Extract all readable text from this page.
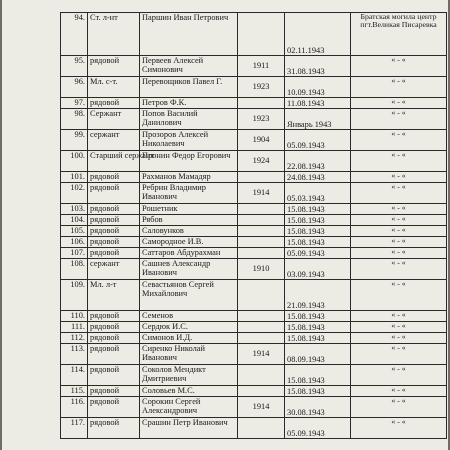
94.	Ст. л-нт	Паршин Иван Петрович		02.11.1943	Братская могила центр пгт.Великая Писаревка
95.	рядовой	Первеев Алексей Симонович	1911	31.08.1943	« - «
96.	Мл. с-т.	Перевощиков Павел Г.	1923	10.09.1943	« - «
97.	рядовой	Петров Ф.К.		11.08.1943	« - «
98.	Сержант	Попов Василий Данилович	1923	Январь 1943	« - «
99.	сержант	Прозоров Алексей Николаевич	1904	05.09.1943	« - «
100.	Старший сержант	Пронин Федор Егорович	1924	22.08.1943	« - «
101.	рядовой	Рахманов Мамадяр		24.08.1943	« - «
102.	рядовой	Ребрин Владимир Иванович	1914	05.03.1943	« - «
103.	рядовой	Рошетник		15.08.1943	« - «
104.	рядовой	Рябов		15.08.1943	« - «
105.	рядовой	Саловунков		15.08.1943	« - «
106.	рядовой	Самородноe И.В.		15.08.1943	« - «
107.	рядовой	Саттаров Абдурахман		05.09.1943	« - «
108.	сержант	Сашнев Александр Иванович	1910	03.09.1943	« - «
109.	Мл. л-т	Севастьянов Сергей Михайлович		21.09.1943	« - «
110.	рядовой	Семенов		15.08.1943	« - «
111.	рядовой	Сердюк И.С.		15.08.1943	« - «
112.	рядовой	Симонов И.Д.		15.08.1943	« - «
113.	рядовой	Сиренко Николай Иванович	1914	08.09.1943	« - «
114.	рядовой	Соколов Мендикт Дмитриевич		15.08.1943	« - «
115.	рядовой	Соловьев М.С.		15.08.1943	« - «
116.	рядовой	Сорокин Сергей Александрович	1914	30.08.1943	« - «
117.	рядовой	Срашин Петр Иванович		05.09.1943	« - «
